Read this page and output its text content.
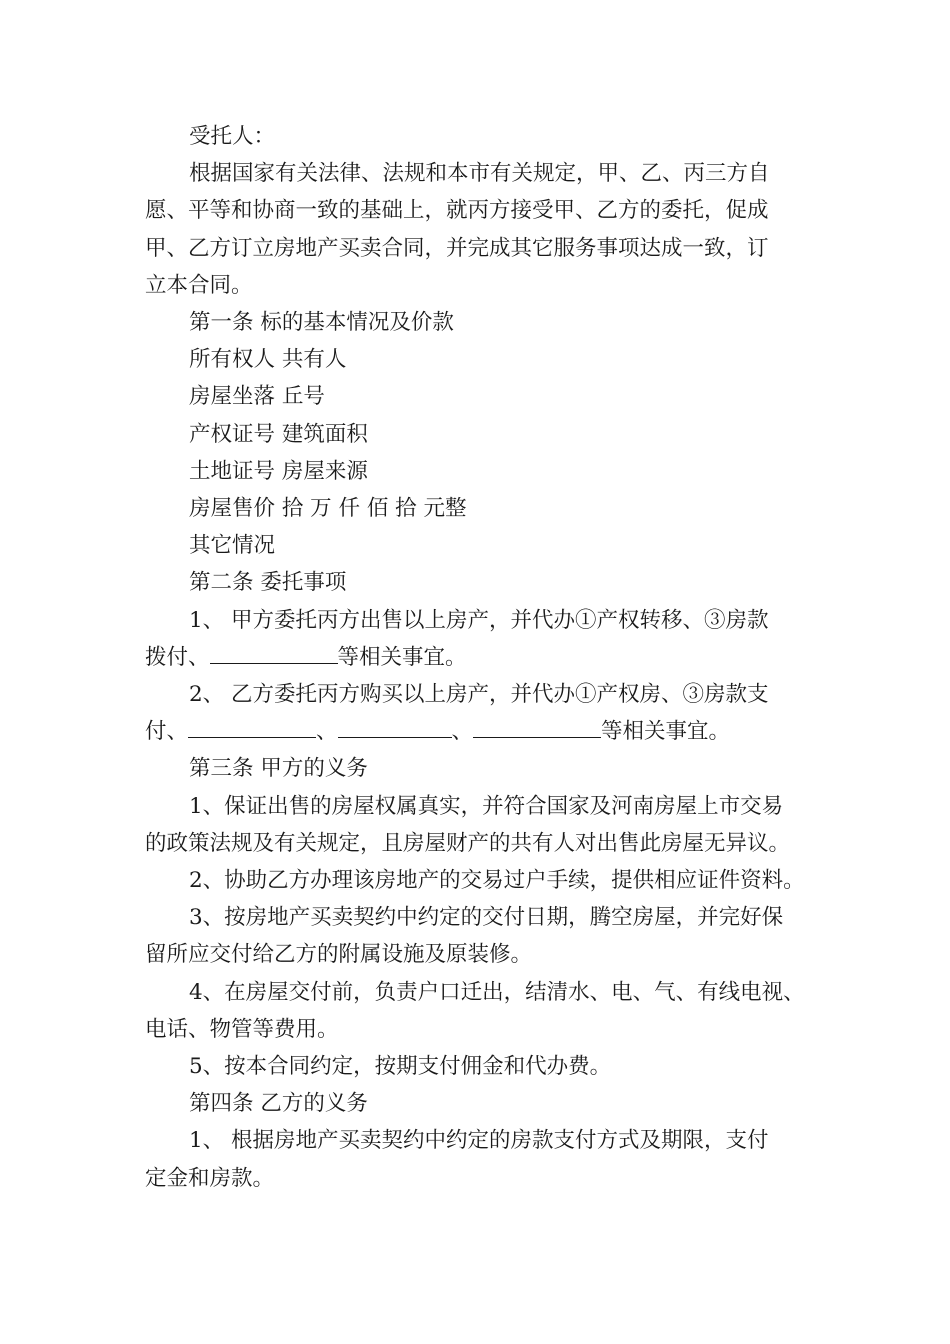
受托人：

根据国家有关法律、法规和本市有关规定，甲、乙、丙三方自

愿、平等和协商一致的基础上，就丙方接受甲、乙方的委托，促成

甲、乙方订立房地产买卖合同，并完成其它服务事项达成一致，订

立本合同。

第一条 标的基本情况及价款

所有权人 共有人

房屋坐落 丘号

产权证号 建筑面积

土地证号 房屋来源

房屋售价 拾 万 仟 佰 拾 元整

其它情况

第二条 委托事项

1、 甲方委托丙方出售以上房产，并代办①产权转移、③房款

拨付、	等相关事宜。

2、 乙方委托丙方购买以上房产，并代办①产权房、③房款支

付、	、	、	等相关事宜。

第三条 甲方的义务

1、保证出售的房屋权属真实，并符合国家及河南房屋上市交易

的政策法规及有关规定，且房屋财产的共有人对出售此房屋无异议。

2、协助乙方办理该房地产的交易过户手续，提供相应证件资料。

3、按房地产买卖契约中约定的交付日期，腾空房屋，并完好保

留所应交付给乙方的附属设施及原装修。

4、在房屋交付前，负责户口迁出，结清水、电、气、有线电视、

电话、物管等费用。

5、按本合同约定，按期支付佣金和代办费。

第四条 乙方的义务

1、 根据房地产买卖契约中约定的房款支付方式及期限，支付

定金和房款。
